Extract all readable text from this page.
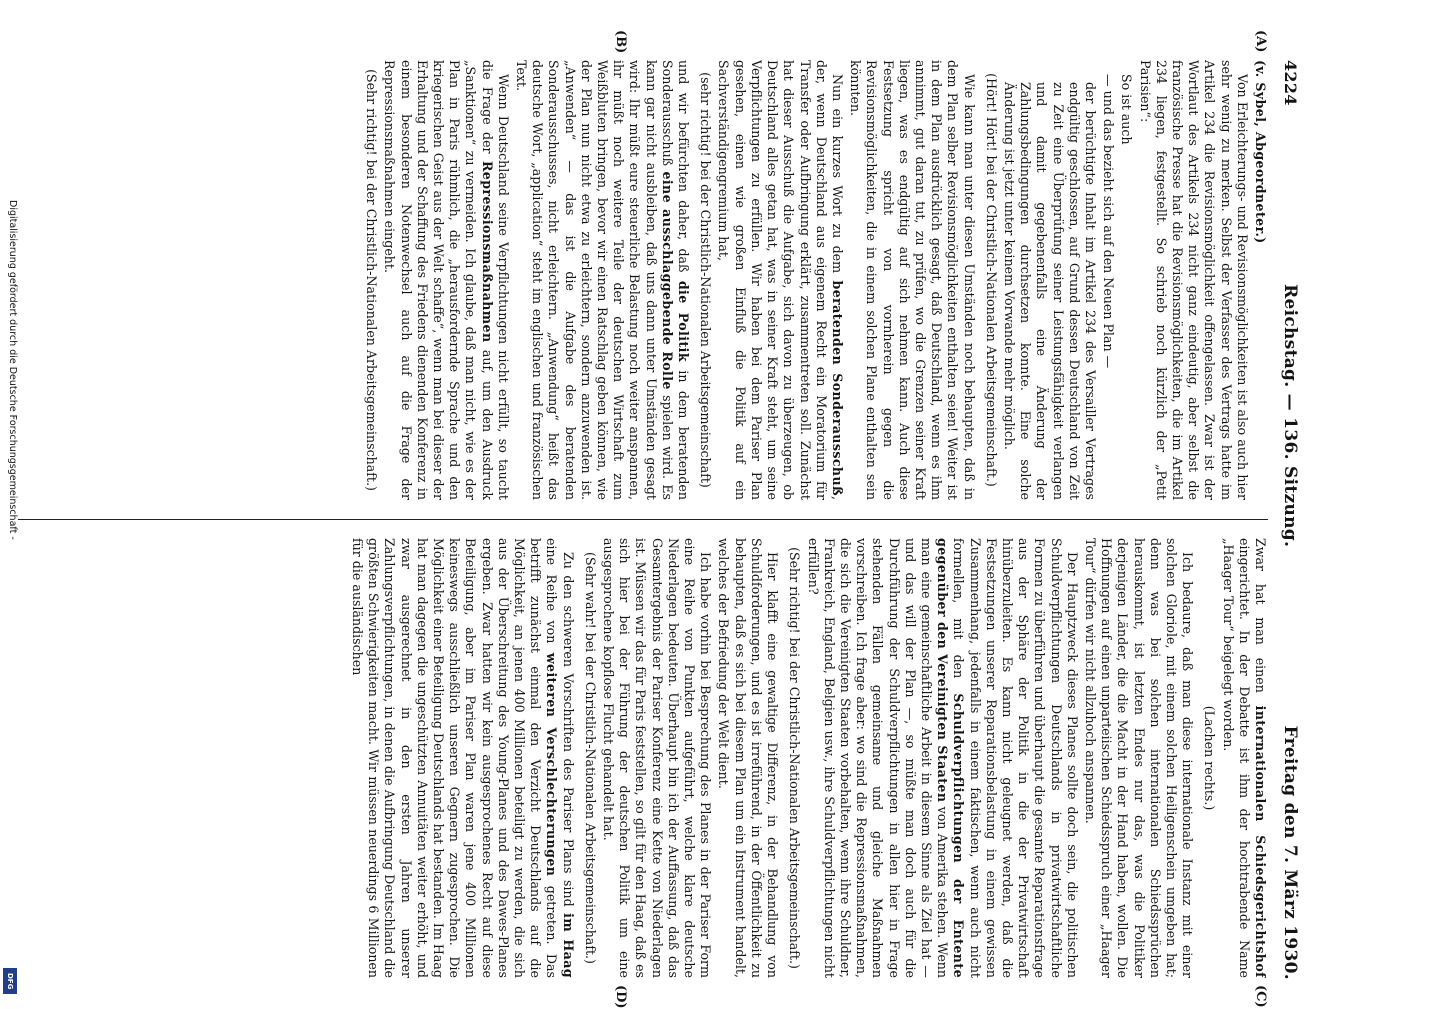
4224
Reichstag. — 136. Sitzung.
Freitag den 7. März 1930.
(A)
(B)
(C)
(D)

(v. Sybel, Abgeordneter.)

Von Erleichterungs- und Revisionsmöglichkeiten ist also auch hier sehr wenig zu merken. Selbst der Verfasser des Vertrags hatte im Artikel 234 die Revisionsmöglichkeit offengelassen. Zwar ist der Wortlaut des Artikels 234 nicht ganz eindeutig, aber selbst die französische Presse hat die Revisionsmöglichkeiten, die im Artikel 234 liegen, festgestellt. So schrieb noch kürzlich der „Petit Parisien“:

So ist auch

— und das bezieht sich auf den Neuen Plan —

der berüchtigte Inhalt im Artikel 234 des Versailler Vertrages endgültig geschlossen, auf Grund dessen Deutschland von Zeit zu Zeit eine Überprüfung seiner Leistungsfähigkeit verlangen und damit gegebenenfalls eine Änderung der Zahlungsbedingungen durchsetzen konnte. Eine solche Änderung ist jetzt unter keinem Vorwande mehr möglich.

(Hört! Hört! bei der Christlich-Nationalen Arbeitsgemeinschaft.)

Wie kann man unter diesen Umständen noch behaupten, daß in dem Plan selber Revisionsmöglichkeiten enthalten seien! Weiter ist in dem Plan ausdrücklich gesagt, daß Deutschland, wenn es ihm annimmt, gut daran tut, zu prüfen, wo die Grenzen seiner Kraft liegen, was es endgültig auf sich nehmen kann. Auch diese Festsetzung spricht von vornherein gegen die Revisionsmöglichkeiten, die in einem solchen Plane enthalten sein könnten.

Nun ein kurzes Wort zu dem beratenden Sonderausschuß, der, wenn Deutschland aus eigenem Recht ein Moratorium für Transfer oder Aufbringung erklärt, zusammentreten soll. Zunächst hat dieser Ausschuß die Aufgabe, sich davon zu überzeugen, ob Deutschland alles getan hat, was in seiner Kraft steht, um seine Verpflichtungen zu erfüllen. Wir haben bei dem Pariser Plan gesehen, einen wie großen Einfluß die Politik auf ein Sachverständigengremium hat,

(sehr richtig! bei der Christlich-Nationalen Arbeitsgemeinschaft)

und wir befürchten daher, daß die Politik in dem beratenden Sonderausschuß eine ausschlaggebende Rolle spielen wird. Es kann gar nicht ausbleiben, daß uns dann unter Umständen gesagt wird: Ihr müßt eure steuerliche Belastung noch weiter anspannen, ihr müßt noch weitere Teile der deutschen Wirtschaft zum Weißbluten bringen, bevor wir einen Ratschlag geben können, wie der Plan nun nicht etwa zu erleichtern, sondern anzuwenden ist. „Anwenden“ — das ist die Aufgabe des beratenden Sonderausschusses, nicht erleichtern. „Anwendung“ heißt das deutsche Wort, „application“ steht im englischen und französischen Text.

Wenn Deutschland seine Verpflichtungen nicht erfüllt, so taucht die Frage der Repressionsmaßnahmen auf, um den Ausdruck „Sanktionen“ zu vermeiden. Ich glaube, daß man nicht, wie es der Plan in Paris rühmlich, die „herausfordernde Sprache und den kriegerischen Geist aus der Welt schaffe“, wenn man bei dieser der Erhaltung und der Schaffung des Friedens dienenden Konferenz in einem besonderen Notenwechsel auch auf die Frage der Repressionsmaßnahmen eingeht.

(Sehr richtig! bei der Christlich-Nationalen Arbeitsgemeinschaft.)

Zwar hat man einen internationalen Schiedsgerichtshof eingerichtet. In der Debatte ist ihm der hochtrabende Name „Haager Tour“ beigelegt worden.

(Lachen rechts.)

Ich bedaure, daß man diese internationale Instanz mit einer solchen Gloriole, mit einem solchen Heiligenschein umgeben hat; denn was bei solchen internationalen Schiedssprüchen herauskommt, ist letzten Endes nur das, was die Politiker derjenigen Länder, die die Macht in der Hand haben, wollen. Die Hoffnungen auf einen unparteiischen Schiedsspruch einer „Haager Tour“ dürfen wir nicht allzuhoch anspannen.

Der Hauptzweck dieses Planes sollte doch sein, die politischen Schuldverpflichtungen Deutschlands in privatwirtschaftliche Formen zu überführen und überhaupt die gesamte Reparationsfrage aus der Sphäre der Politik in die der Privatwirtschaft hinüberzuleiten. Es kann nicht geleugnet werden, daß die Festsetzungen unserer Reparationsbelastung in einem gewissen Zusammenhang, jedenfalls in einem faktischen, wenn auch nicht formellen, mit den Schuldverpflichtungen der Entente gegenüber den Vereinigten Staaten von Amerika stehen. Wenn man eine gemeinschaftliche Arbeit in diesem Sinne als Ziel hat — und das will der Plan —, so müßte man doch auch für die Durchführung der Schuldverpflichtungen in allen hier in Frage stehenden Fällen gemeinsame und gleiche Maßnahmen vorschreiben. Ich frage aber: wo sind die Repressionsmaßnahmen, die sich die Vereinigten Staaten vorbehalten, wenn ihre Schuldner, Frankreich, England, Belgien usw., ihre Schuldverpflichtungen nicht erfüllen?

(Sehr richtig! bei der Christlich-Nationalen Arbeitsgemeinschaft.)

Hier klafft eine gewaltige Differenz, in der Behandlung von Schuldforderungen, und es ist irreführend, in der Öffentlichkeit zu behaupten, daß es sich bei diesem Plan um ein Instrument handelt, welches der Befriedung der Welt dient.

Ich habe vorhin bei Besprechung des Planes in der Pariser Form eine Reihe von Punkten aufgeführt, welche klare deutsche Niederlagen bedeuten. Überhaupt bin ich der Auffassung, daß das Gesamtergebnis der Pariser Konferenz eine Kette von Niederlagen ist. Müssen wir das für Paris feststellen, so gilt für den Haag, daß es sich hier bei der Führung der deutschen Politik um eine ausgesprochene kopflose Flucht gehandelt hat.

(Sehr wahr! bei der Christlich-Nationalen Arbeitsgemeinschaft.)

Zu den schweren Vorschriften des Pariser Plans sind im Haag eine Reihe von weiteren Verschlechterungen getreten. Das betrifft zunächst einmal den Verzicht Deutschlands auf die Möglichkeit, an jenen 400 Millionen beteiligt zu werden, die sich aus der Überschreitung des Young-Planes und des Dawes-Planes ergeben. Zwar hatten wir kein ausgesprochenes Recht auf diese Beteiligung, aber im Pariser Plan waren jene 400 Millionen keineswegs ausschließlich unseren Gegnern zugesprochen. Die Möglichkeit einer Beteiligung Deutschlands hat bestanden. Im Haag hat man dagegen die ungeschützten Annuitäten weiter erhöht, und zwar ausgerechnet in den ersten Jahren unserer Zahlungsverpflichtungen, in denen die Aufbringung Deutschland die größten Schwierigkeiten macht. Wir müssen neuerdings 6 Millionen für die ausländischen

Digitalisierung gefördert durch die Deutsche Forschungsgemeinschaft -
DFG
